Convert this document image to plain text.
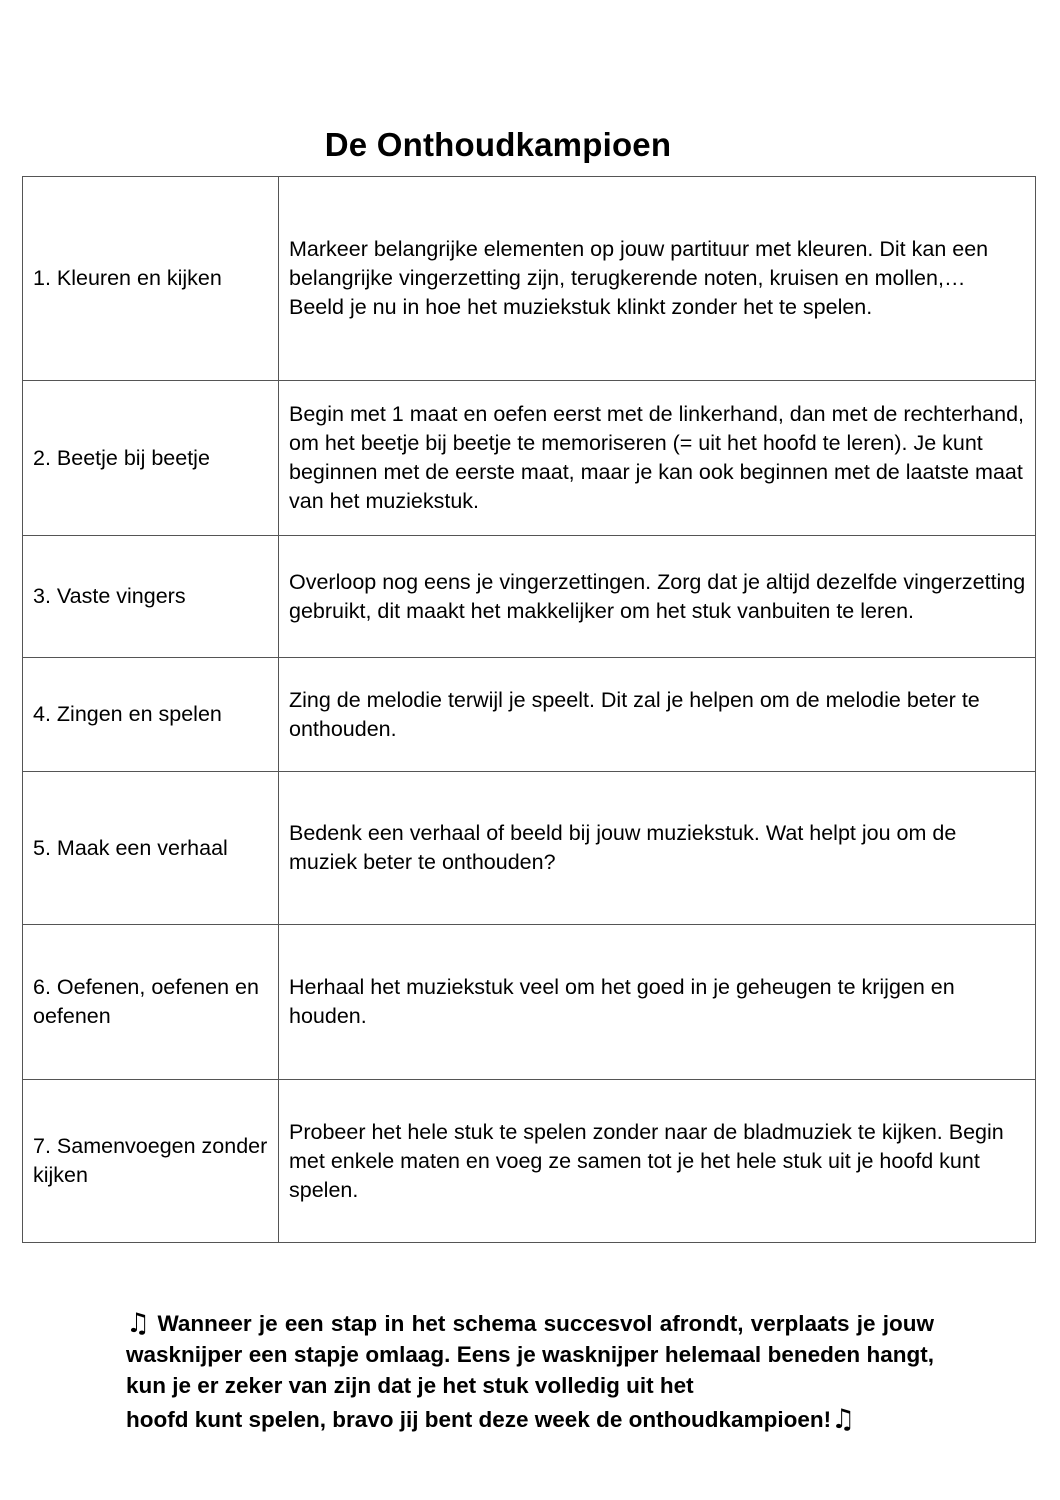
De Onthoudkampioen
1. Kleuren en kijken	Markeer belangrijke elementen op jouw partituur met kleuren. Dit kan een belangrijke vingerzetting zijn, terugkerende noten, kruisen en mollen,…
Beeld je nu in hoe het muziekstuk klinkt zonder het te spelen.

2. Beetje bij beetje	Begin met 1 maat en oefen eerst met de linkerhand, dan met de rechterhand, om het beetje bij beetje te memoriseren (= uit het hoofd te leren). Je kunt beginnen met de eerste maat, maar je kan ook beginnen met de laatste maat van het muziekstuk.

3. Vaste vingers	Overloop nog eens je vingerzettingen. Zorg dat je altijd dezelfde vingerzetting gebruikt, dit maakt het makkelijker om het stuk vanbuiten te leren.

4. Zingen en spelen	Zing de melodie terwijl je speelt. Dit zal je helpen om de melodie beter te onthouden.

5. Maak een verhaal	Bedenk een verhaal of beeld bij jouw muziekstuk. Wat helpt jou om de muziek beter te onthouden?

6. Oefenen, oefenen en oefenen	Herhaal het muziekstuk veel om het goed in je geheugen te krijgen en houden.

7. Samenvoegen zonder kijken	Probeer het hele stuk te spelen zonder naar de bladmuziek te kijken. Begin met enkele maten en voeg ze samen tot je het hele stuk uit je hoofd kunt spelen.
♫ Wanneer je een stap in het schema succesvol afrondt, verplaats je jouw wasknijper een stapje omlaag. Eens je wasknijper helemaal beneden hangt, kun je er zeker van zijn dat je het stuk volledig uit het
hoofd kunt spelen, bravo jij bent deze week de onthoudkampioen!♫
